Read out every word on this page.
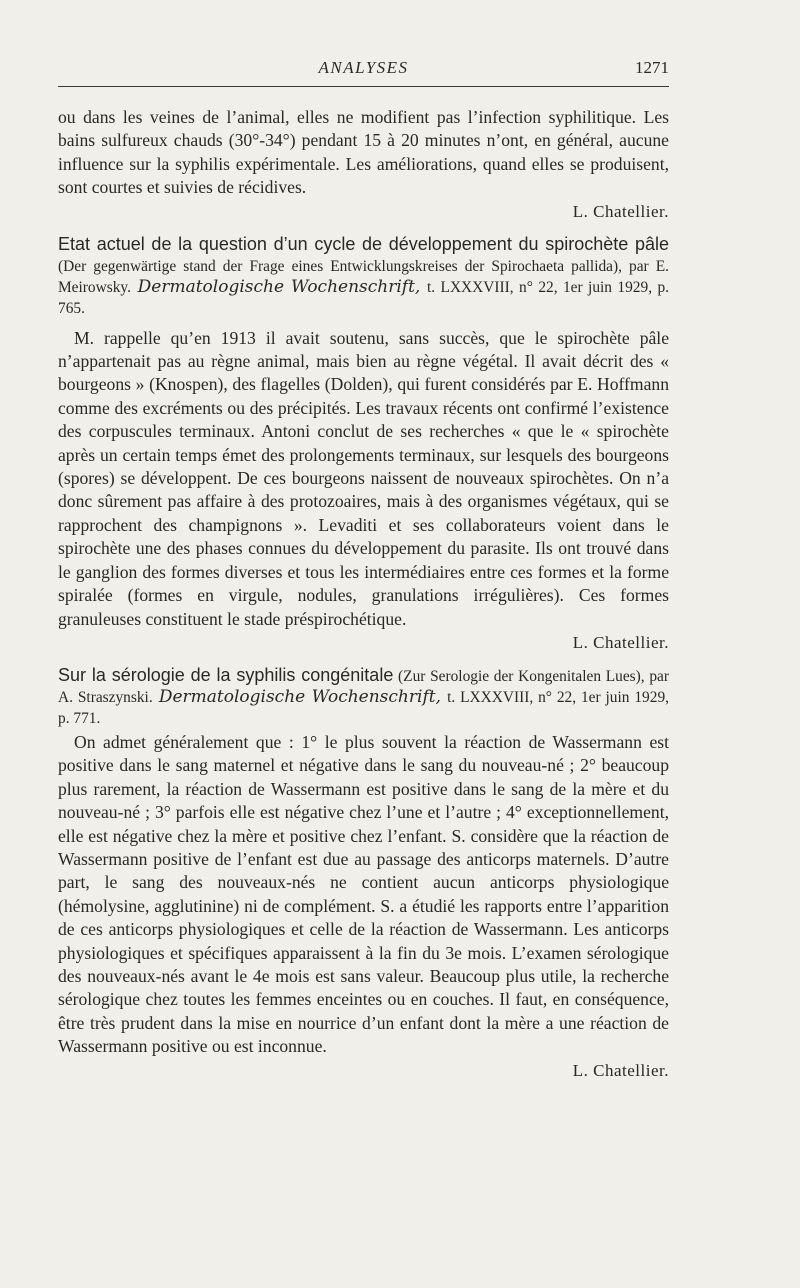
ANALYSES	1271

ou dans les veines de l’animal, elles ne modifient pas l’infection syphilitique. Les bains sulfureux chauds (30°-34°) pendant 15 à 20 minutes n’ont, en général, aucune influence sur la syphilis expérimentale. Les améliorations, quand elles se produisent, sont courtes et suivies de récidives.

L. Chatellier.

Etat actuel de la question d’un cycle de développement du spirochète pâle (Der gegenwärtige stand der Frage eines Entwicklungskreises der Spirochaeta pallida), par E. Meirowsky. Dermatologische Wochenschrift, t. LXXXVIII, n° 22, 1er juin 1929, p. 765.

M. rappelle qu’en 1913 il avait soutenu, sans succès, que le spirochète pâle n’appartenait pas au règne animal, mais bien au règne végétal. Il avait décrit des « bourgeons » (Knospen), des flagelles (Dolden), qui furent considérés par E. Hoffmann comme des excréments ou des précipités. Les travaux récents ont confirmé l’existence des corpuscules terminaux. Antoni conclut de ses recherches « que le « spirochète après un certain temps émet des prolongements terminaux, sur lesquels des bourgeons (spores) se développent. De ces bourgeons naissent de nouveaux spirochètes. On n’a donc sûrement pas affaire à des protozoaires, mais à des organismes végétaux, qui se rapprochent des champignons ». Levaditi et ses collaborateurs voient dans le spirochète une des phases connues du développement du parasite. Ils ont trouvé dans le ganglion des formes diverses et tous les intermédiaires entre ces formes et la forme spiralée (formes en virgule, nodules, granulations irrégulières). Ces formes granuleuses constituent le stade préspirochétique.

L. Chatellier.

Sur la sérologie de la syphilis congénitale (Zur Serologie der Kongenitalen Lues), par A. Straszynski. Dermatologische Wochenschrift, t. LXXXVIII, n° 22, 1er juin 1929, p. 771.

On admet généralement que : 1° le plus souvent la réaction de Wassermann est positive dans le sang maternel et négative dans le sang du nouveau-né ; 2° beaucoup plus rarement, la réaction de Wassermann est positive dans le sang de la mère et du nouveau-né ; 3° parfois elle est négative chez l’une et l’autre ; 4° exceptionnellement, elle est négative chez la mère et positive chez l’enfant. S. considère que la réaction de Wassermann positive de l’enfant est due au passage des anticorps maternels. D’autre part, le sang des nouveaux-nés ne contient aucun anticorps physiologique (hémolysine, agglutinine) ni de complément. S. a étudié les rapports entre l’apparition de ces anticorps physiologiques et celle de la réaction de Wassermann. Les anticorps physiologiques et spécifiques apparaissent à la fin du 3e mois. L’examen sérologique des nouveaux-nés avant le 4e mois est sans valeur. Beaucoup plus utile, la recherche sérologique chez toutes les femmes enceintes ou en couches. Il faut, en conséquence, être très prudent dans la mise en nourrice d’un enfant dont la mère a une réaction de Wassermann positive ou est inconnue.

L. Chatellier.
